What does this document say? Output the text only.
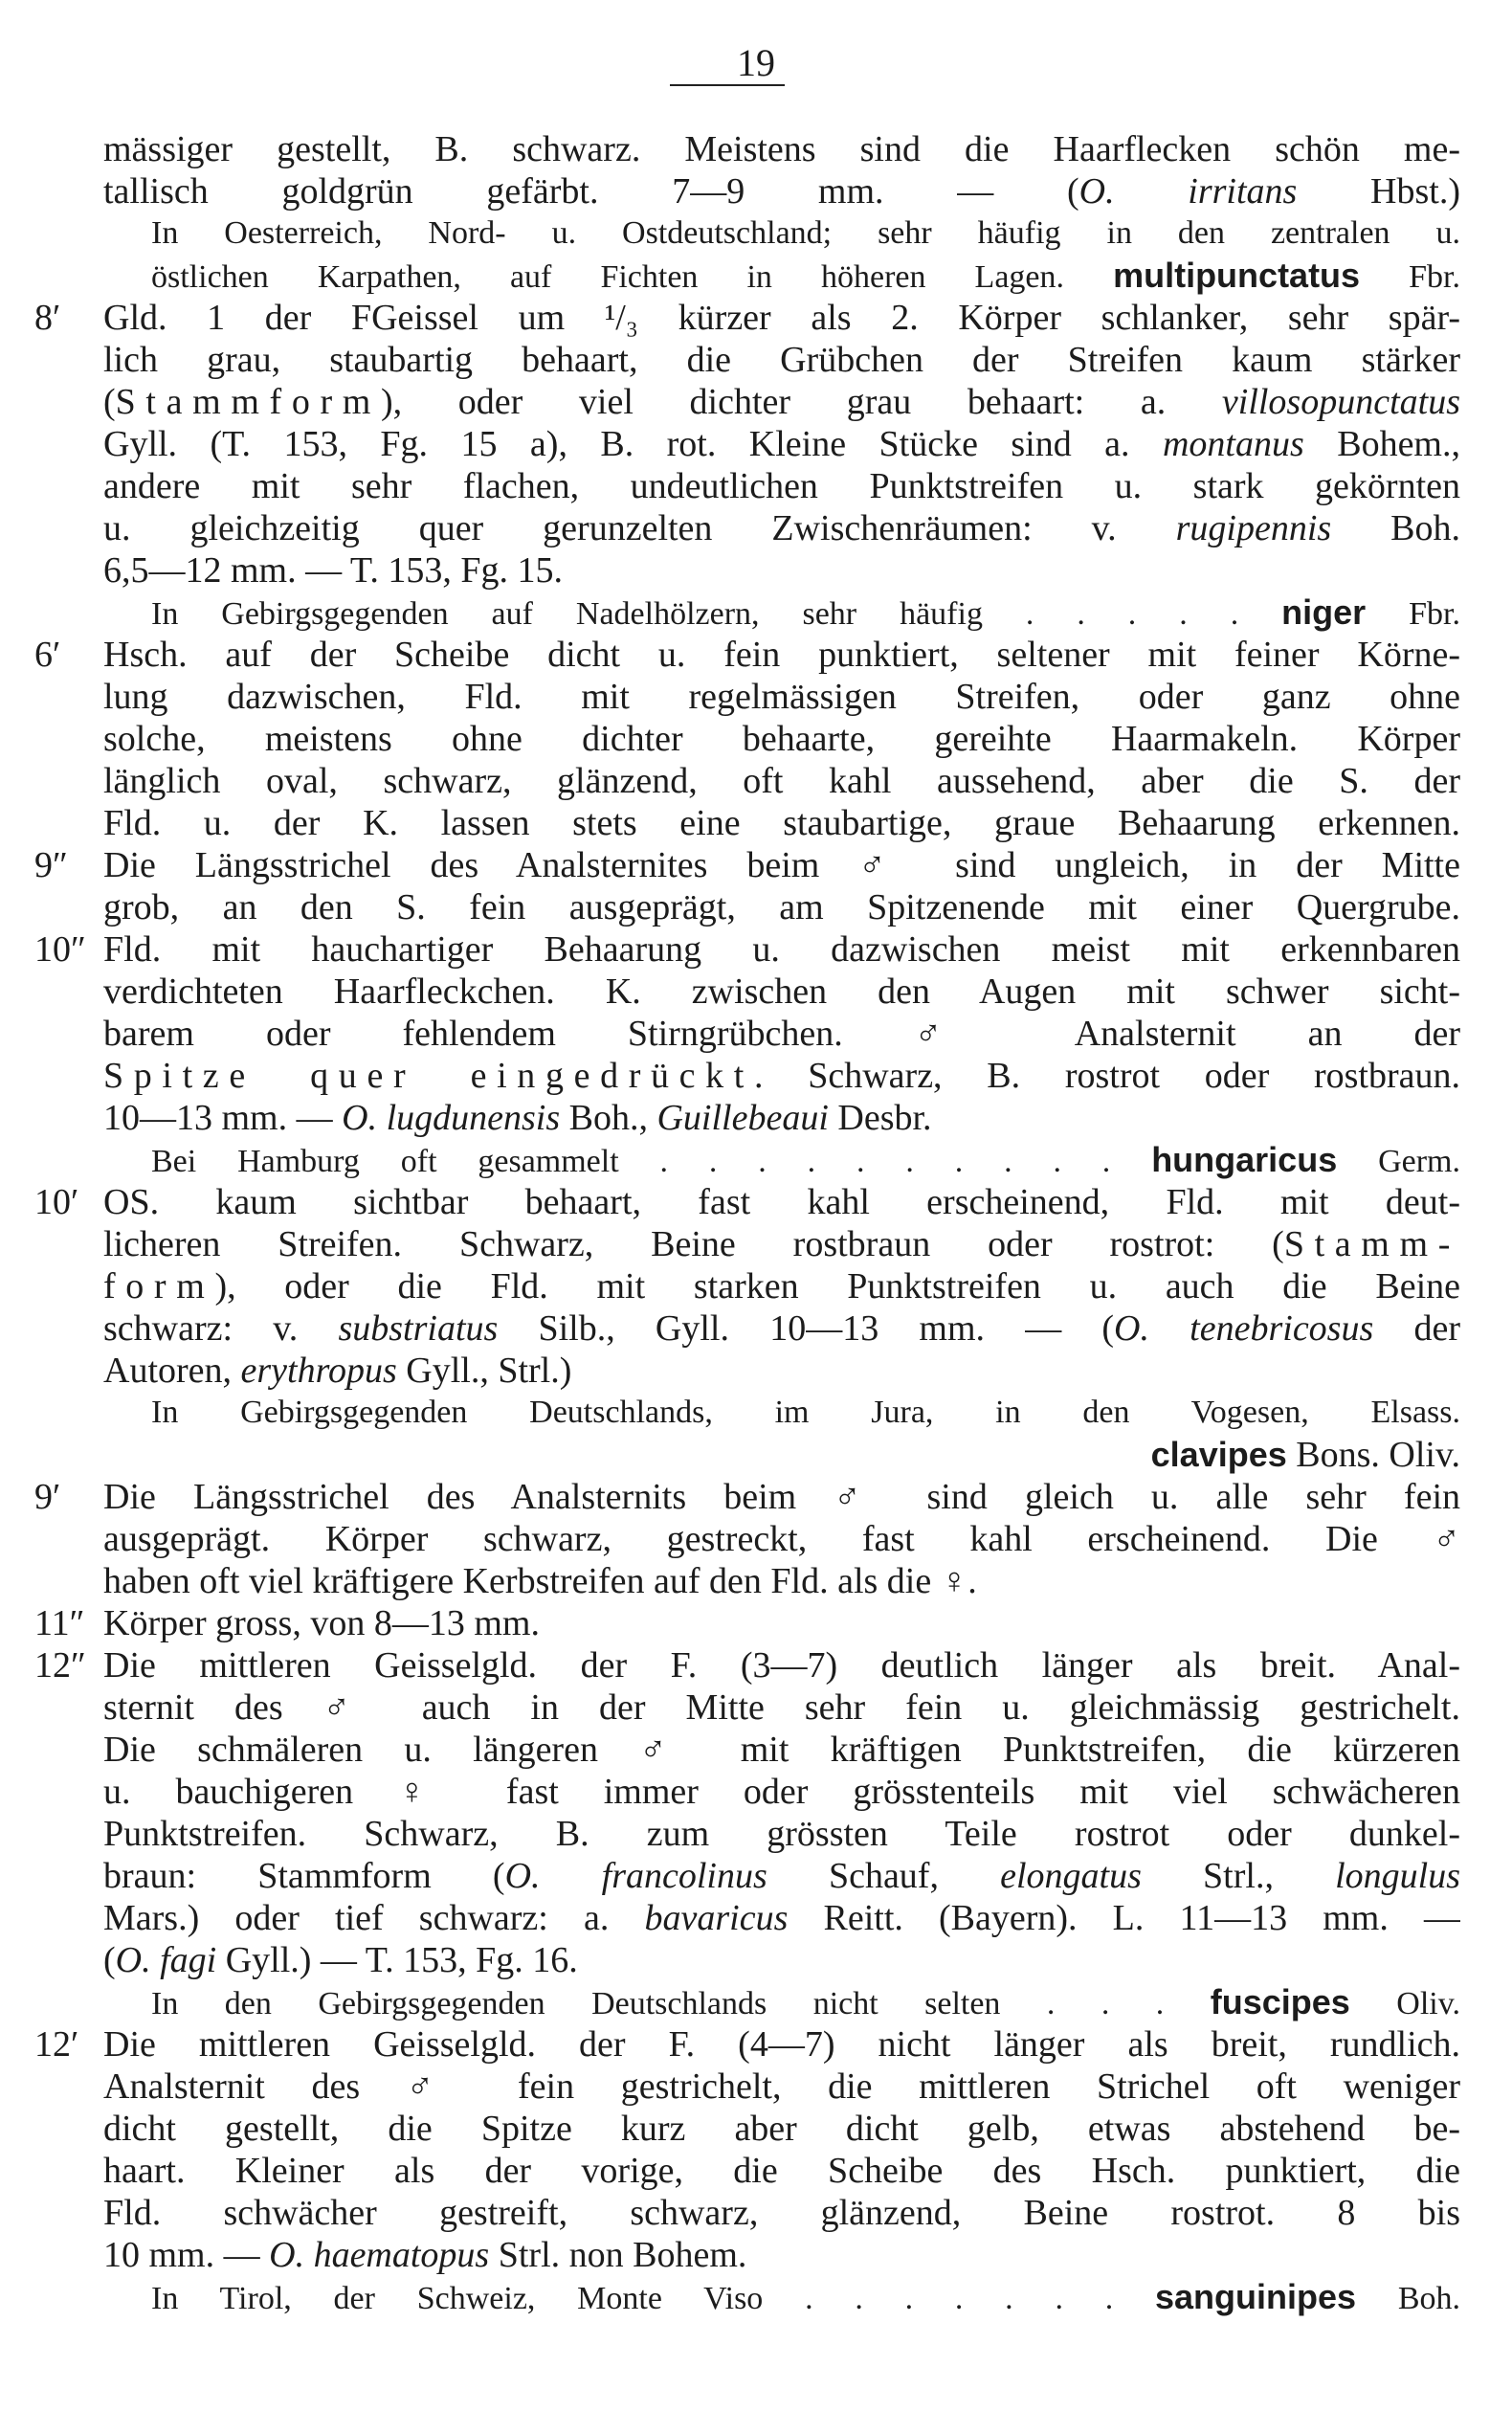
19
mässiger gestellt, B. schwarz. Meistens sind die Haarflecken schön me-
tallisch goldgrün gefärbt. 7—9 mm. — (O. irritans Hbst.)
In Oesterreich, Nord- u. Ostdeutschland; sehr häufig in den zentralen u.
östlichen Karpathen, auf Fichten in höheren Lagen. multipunctatus Fbr.
8′	Gld. 1 der FGeissel um ¹/₃ kürzer als 2. Körper schlanker, sehr spär-
lich grau, staubartig behaart, die Grübchen der Streifen kaum stärker
(Stammform), oder viel dichter grau behaart: a. villosopunctatus
Gyll. (T. 153, Fg. 15 a), B. rot. Kleine Stücke sind a. montanus Bohem.,
andere mit sehr flachen, undeutlichen Punktstreifen u. stark gekörnten
u. gleichzeitig quer gerunzelten Zwischenräumen: v. rugipennis Boh.
6,5—12 mm. — T. 153, Fg. 15.
In Gebirgsgegenden auf Nadelhölzern, sehr häufig . . . . . niger Fbr.
6′	Hsch. auf der Scheibe dicht u. fein punktiert, seltener mit feiner Körne-
lung dazwischen, Fld. mit regelmässigen Streifen, oder ganz ohne
solche, meistens ohne dichter behaarte, gereihte Haarmakeln. Körper
länglich oval, schwarz, glänzend, oft kahl aussehend, aber die S. der
Fld. u. der K. lassen stets eine staubartige, graue Behaarung erkennen.
9″ Die Längsstrichel des Analsternites beim ♂ sind ungleich, in der Mitte
grob, an den S. fein ausgeprägt, am Spitzenende mit einer Quergrube.
10″ Fld. mit hauchartiger Behaarung u. dazwischen meist mit erkennbaren
verdichteten Haarfleckchen. K. zwischen den Augen mit schwer sicht-
barem oder fehlendem Stirngrübchen. ♂ Analsternit an der
Spitze quer eingedrückt. Schwarz, B. rostrot oder rostbraun.
10—13 mm. — O. lugdunensis Boh., Guillebeaui Desbr.
Bei Hamburg oft gesammelt . . . . . . . . . . hungaricus Germ.
10′ OS. kaum sichtbar behaart, fast kahl erscheinend, Fld. mit deut-
licheren Streifen. Schwarz, Beine rostbraun oder rostrot: (Stamm-
form), oder die Fld. mit starken Punktstreifen u. auch die Beine
schwarz: v. substriatus Silb., Gyll. 10—13 mm. — (O. tenebricosus der
Autoren, erythropus Gyll., Strl.)
In Gebirgsgegenden Deutschlands, im Jura, in den Vogesen, Elsass.
clavipes Bons. Oliv.
9′	Die Längsstrichel des Analsternits beim ♂ sind gleich u. alle sehr fein
ausgeprägt. Körper schwarz, gestreckt, fast kahl erscheinend. Die ♂
haben oft viel kräftigere Kerbstreifen auf den Fld. als die ♀.
11″ Körper gross, von 8—13 mm.
12″ Die mittleren Geisselgld. der F. (3—7) deutlich länger als breit. Anal-
sternit des ♂ auch in der Mitte sehr fein u. gleichmässig gestrichelt.
Die schmäleren u. längeren ♂ mit kräftigen Punktstreifen, die kürzeren
u. bauchigeren ♀ fast immer oder grösstenteils mit viel schwächeren
Punktstreifen. Schwarz, B. zum grössten Teile rostrot oder dunkel-
braun: Stammform (O. francolinus Schauf, elongatus Strl., longulus
Mars.) oder tief schwarz: a. bavaricus Reitt. (Bayern). L. 11—13 mm. —
(O. fagi Gyll.) — T. 153, Fg. 16.
In den Gebirgsgegenden Deutschlands nicht selten . . . fuscipes Oliv.
12′ Die mittleren Geisselgld. der F. (4—7) nicht länger als breit, rundlich.
Analsternit des ♂ fein gestrichelt, die mittleren Strichel oft weniger
dicht gestellt, die Spitze kurz aber dicht gelb, etwas abstehend be-
haart. Kleiner als der vorige, die Scheibe des Hsch. punktiert, die
Fld. schwächer gestreift, schwarz, glänzend, Beine rostrot. 8 bis
10 mm. — O. haematopus Strl. non Bohem.
In Tirol, der Schweiz, Monte Viso . . . . . . . sanguinipes Boh.
